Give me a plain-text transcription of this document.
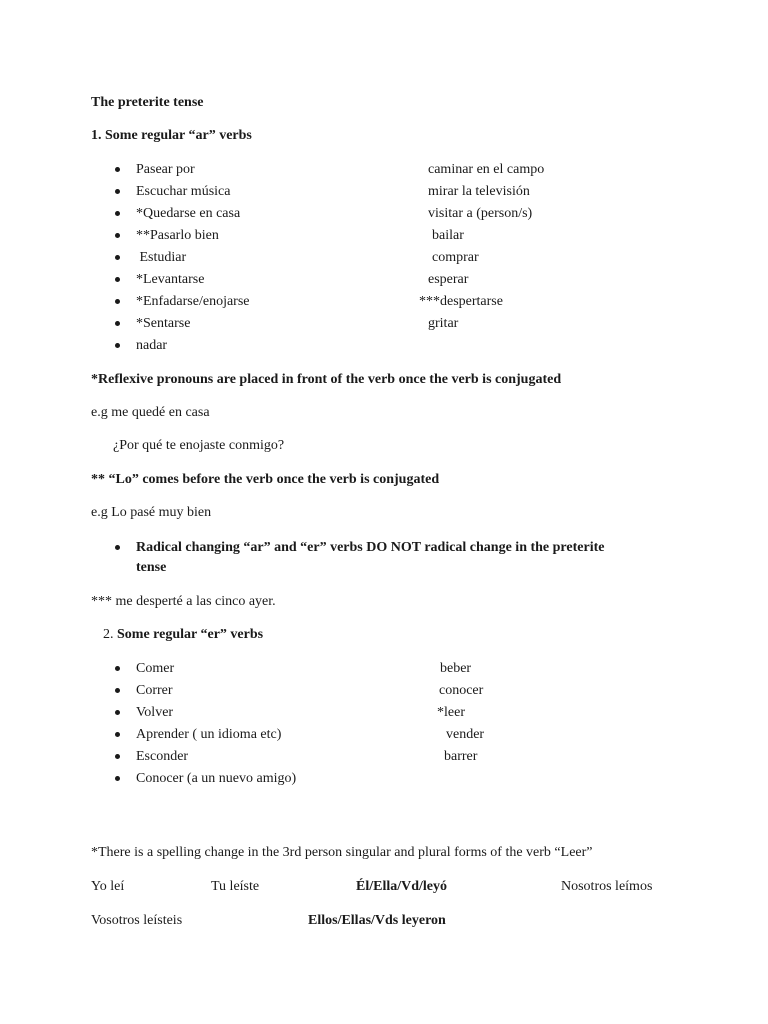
The preterite tense
1. Some regular “ar” verbs
Pasear por	caminar en el campo
Escuchar música	mirar la televisión
*Quedarse en casa	visitar a (person/s)
**Pasarlo bien	bailar
Estudiar	comprar
*Levantarse	esperar
*Enfadarse/enojarse	***despertarse
*Sentarse	gritar
nadar
*Reflexive pronouns are placed in front of the verb once the verb is conjugated
e.g me quedé en casa
¿Por qué te enojaste conmigo?
** “Lo” comes before the verb once the verb is conjugated
e.g Lo pasé muy bien
Radical changing “ar” and “er” verbs DO NOT radical change in the preterite
tense
*** me desperté a las cinco ayer.
2. Some regular “er” verbs
Comer	beber
Correr	conocer
Volver	*leer
Aprender ( un idioma etc)	vender
Esconder	barrer
Conocer (a un nuevo amigo)
*There is a spelling change in the 3rd person singular and plural forms of the verb “Leer”
Yo leí	Tu leíste	Él/Ella/Vd/leyó	Nosotros leímos
Vosotros leísteis	Ellos/Ellas/Vds leyeron
